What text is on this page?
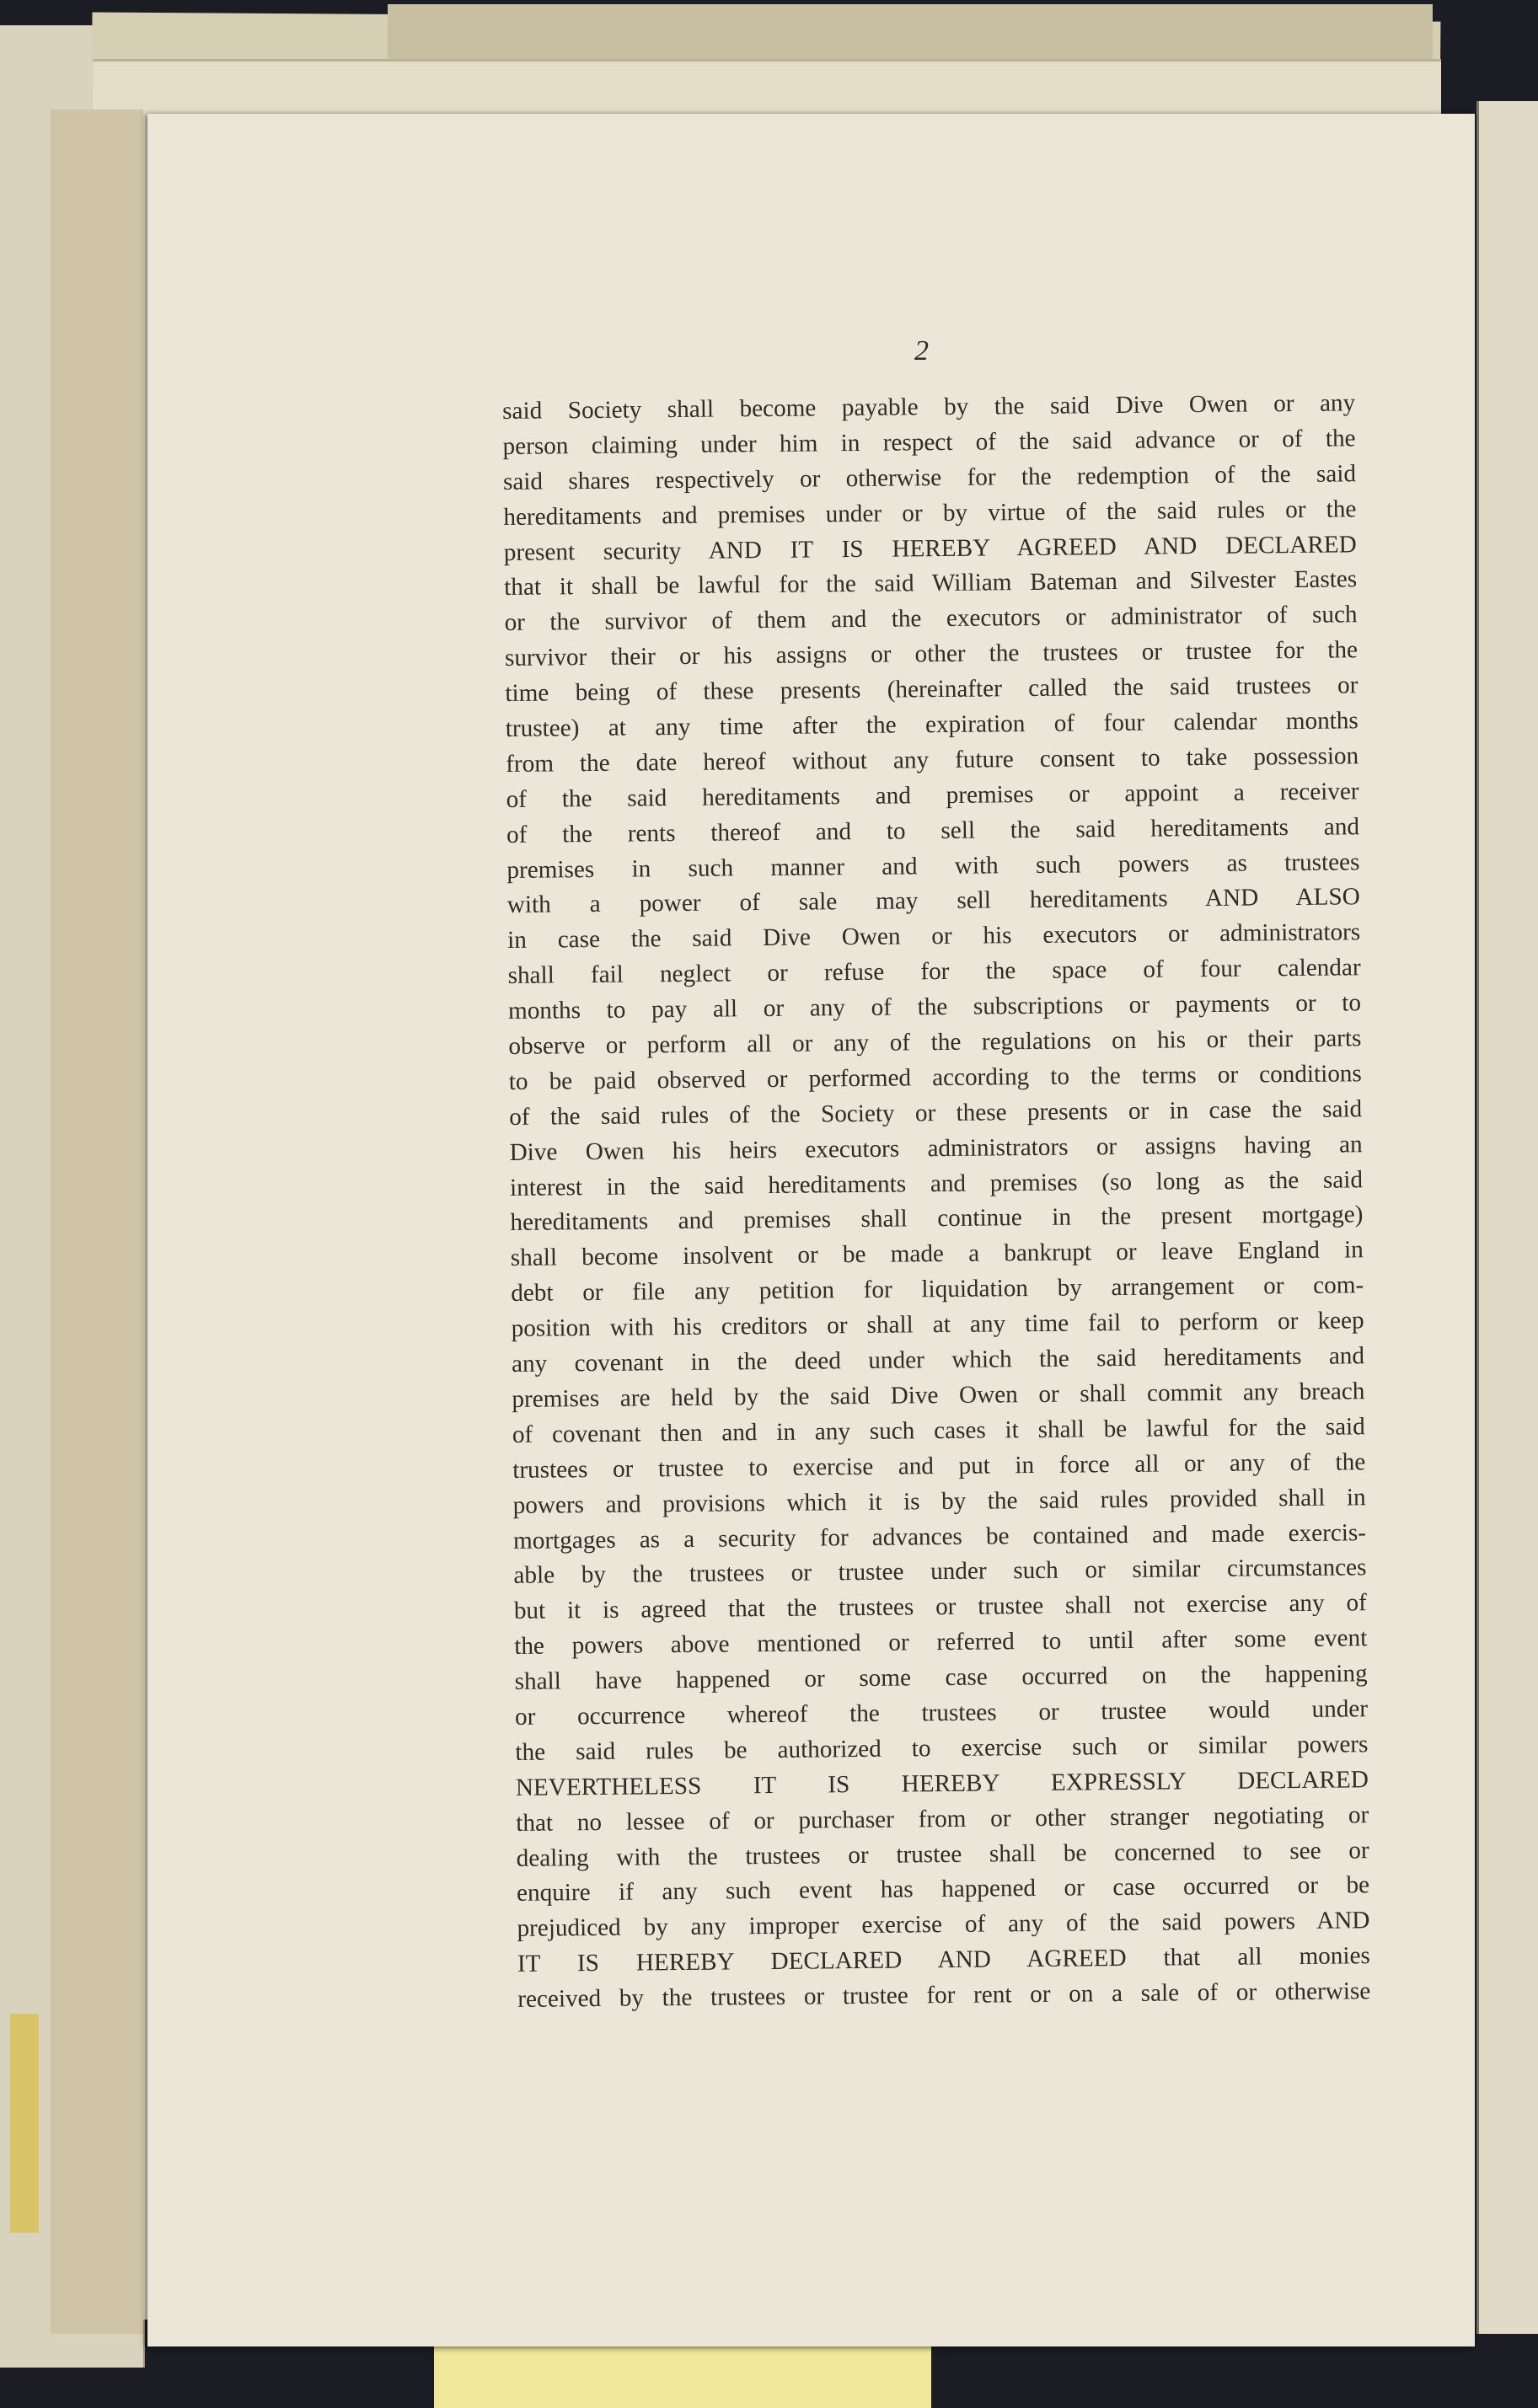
2
said Society shall become payable by the said Dive Owen or any
person claiming under him in respect of the said advance or of the
said shares respectively or otherwise for the redemption of the said
hereditaments and premises under or by virtue of the said rules or the
present security AND IT IS HEREBY AGREED AND DECLARED
that it shall be lawful for the said William Bateman and Silvester Eastes
or the survivor of them and the executors or administrator of such
survivor their or his assigns or other the trustees or trustee for the
time being of these presents (hereinafter called the said trustees or
trustee) at any time after the expiration of four calendar months
from the date hereof without any future consent to take possession
of the said hereditaments and premises or appoint a receiver
of the rents thereof and to sell the said hereditaments and
premises in such manner and with such powers as trustees
with a power of sale may sell hereditaments AND ALSO
in case the said Dive Owen or his executors or administrators
shall fail neglect or refuse for the space of four calendar
months to pay all or any of the subscriptions or payments or to
observe or perform all or any of the regulations on his or their parts
to be paid observed or performed according to the terms or conditions
of the said rules of the Society or these presents or in case the said
Dive Owen his heirs executors administrators or assigns having an
interest in the said hereditaments and premises (so long as the said
hereditaments and premises shall continue in the present mortgage)
shall become insolvent or be made a bankrupt or leave England in
debt or file any petition for liquidation by arrangement or com-
position with his creditors or shall at any time fail to perform or keep
any covenant in the deed under which the said hereditaments and
premises are held by the said Dive Owen or shall commit any breach
of covenant then and in any such cases it shall be lawful for the said
trustees or trustee to exercise and put in force all or any of the
powers and provisions which it is by the said rules provided shall in
mortgages as a security for advances be contained and made exercis-
able by the trustees or trustee under such or similar circumstances
but it is agreed that the trustees or trustee shall not exercise any of
the powers above mentioned or referred to until after some event
shall have happened or some case occurred on the happening
or occurrence whereof the trustees or trustee would under
the said rules be authorized to exercise such or similar powers
NEVERTHELESS IT IS HEREBY EXPRESSLY DECLARED
that no lessee of or purchaser from or other stranger negotiating or
dealing with the trustees or trustee shall be concerned to see or
enquire if any such event has happened or case occurred or be
prejudiced by any improper exercise of any of the said powers AND
IT IS HEREBY DECLARED AND AGREED that all monies
received by the trustees or trustee for rent or on a sale of or otherwise
